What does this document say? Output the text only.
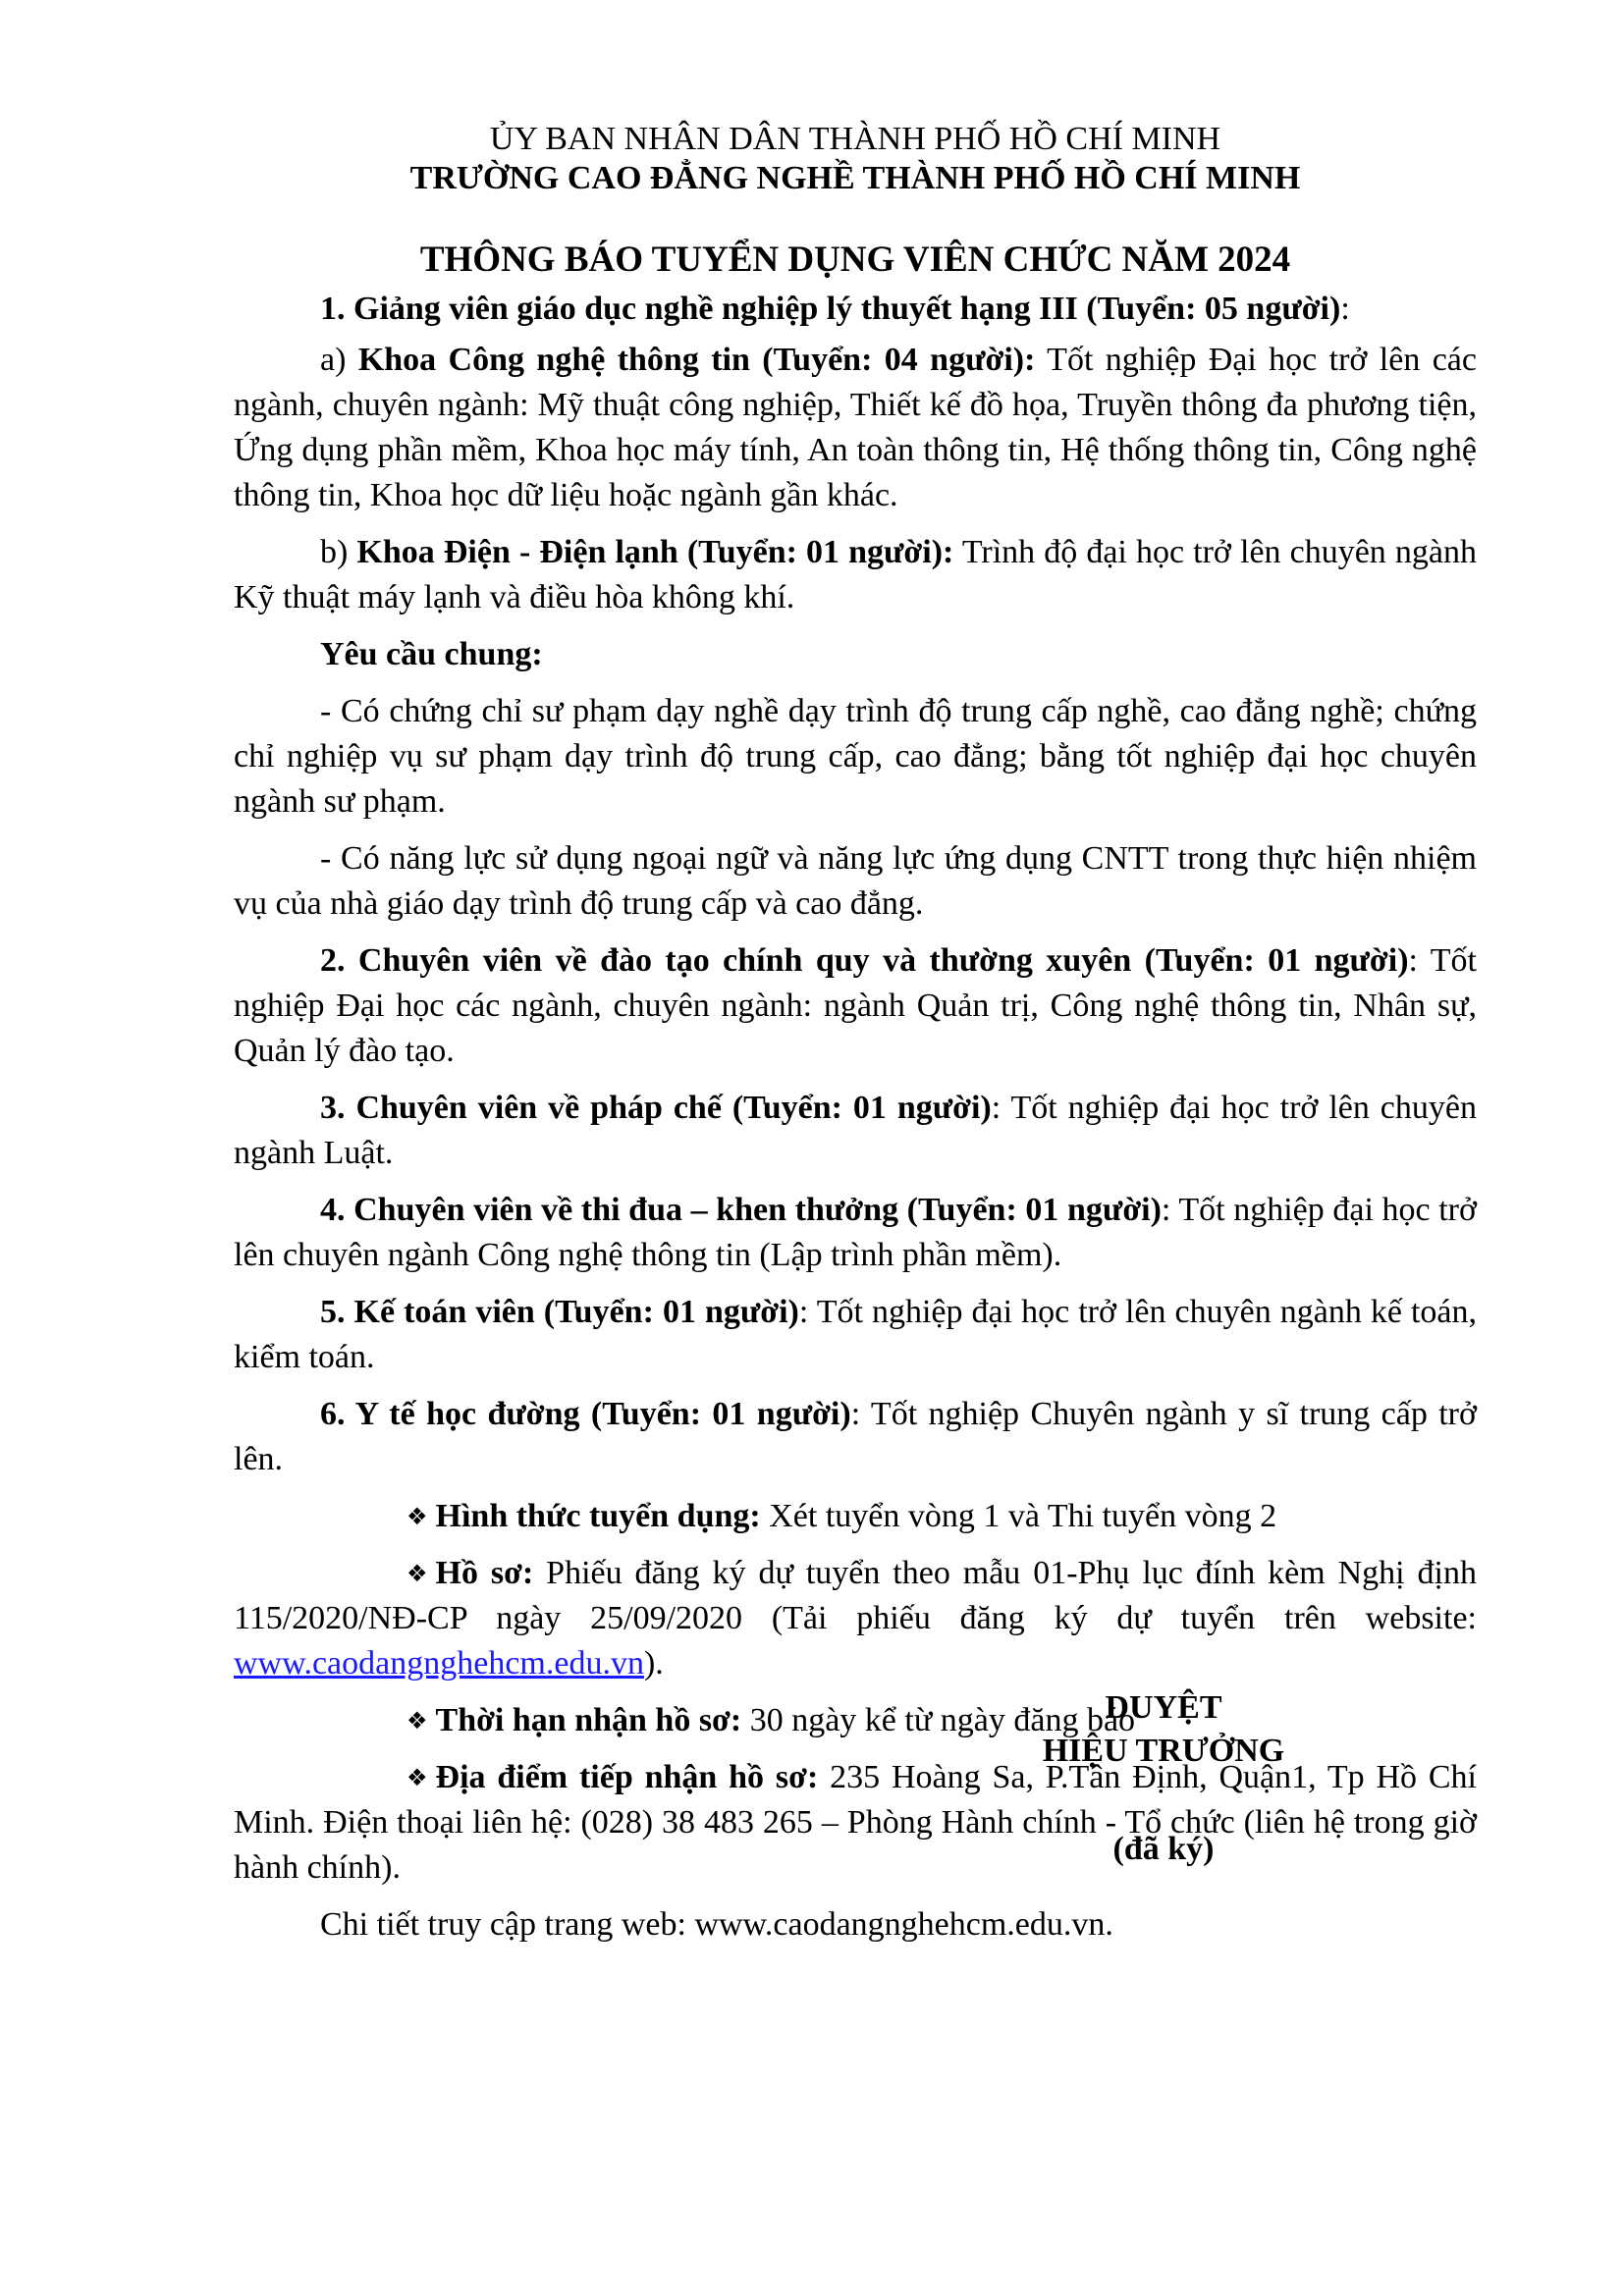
ỦY BAN NHÂN DÂN THÀNH PHỐ HỒ CHÍ MINH

TRƯỜNG CAO ĐẲNG NGHỀ THÀNH PHỐ HỒ CHÍ MINH

THÔNG BÁO TUYỂN DỤNG VIÊN CHỨC NĂM 2024

1. Giảng viên giáo dục nghề nghiệp lý thuyết hạng III (Tuyển: 05 người):

a) Khoa Công nghệ thông tin (Tuyển: 04 người): Tốt nghiệp Đại học trở lên các ngành, chuyên ngành: Mỹ thuật công nghiệp, Thiết kế đồ họa, Truyền thông đa phương tiện, Ứng dụng phần mềm, Khoa học máy tính, An toàn thông tin, Hệ thống thông tin, Công nghệ thông tin, Khoa học dữ liệu hoặc ngành gần khác.

b) Khoa Điện - Điện lạnh (Tuyển: 01 người): Trình độ đại học trở lên chuyên ngành Kỹ thuật máy lạnh và điều hòa không khí.

Yêu cầu chung:

- Có chứng chỉ sư phạm dạy nghề dạy trình độ trung cấp nghề, cao đẳng nghề; chứng chỉ nghiệp vụ sư phạm dạy trình độ trung cấp, cao đẳng; bằng tốt nghiệp đại học chuyên ngành sư phạm.

- Có năng lực sử dụng ngoại ngữ và năng lực ứng dụng CNTT trong thực hiện nhiệm vụ của nhà giáo dạy trình độ trung cấp và cao đẳng.

2. Chuyên viên về đào tạo chính quy và thường xuyên (Tuyển: 01 người): Tốt nghiệp Đại học các ngành, chuyên ngành: ngành Quản trị, Công nghệ thông tin, Nhân sự, Quản lý đào tạo.

3. Chuyên viên về pháp chế (Tuyển: 01 người): Tốt nghiệp đại học trở lên chuyên ngành Luật.

4. Chuyên viên về thi đua – khen thưởng (Tuyển: 01 người): Tốt nghiệp đại học trở lên chuyên ngành Công nghệ thông tin (Lập trình phần mềm).

5. Kế toán viên (Tuyển: 01 người): Tốt nghiệp đại học trở lên chuyên ngành kế toán, kiểm toán.

6. Y tế học đường (Tuyển: 01 người): Tốt nghiệp Chuyên ngành y sĩ trung cấp trở lên.

❖ Hình thức tuyển dụng: Xét tuyển vòng 1 và Thi tuyển vòng 2

❖ Hồ sơ: Phiếu đăng ký dự tuyển theo mẫu 01-Phụ lục đính kèm Nghị định 115/2020/NĐ-CP ngày 25/09/2020 (Tải phiếu đăng ký dự tuyển trên website: www.caodangnghehcm.edu.vn).

❖ Thời hạn nhận hồ sơ: 30 ngày kể từ ngày đăng báo

❖ Địa điểm tiếp nhận hồ sơ: 235 Hoàng Sa, P.Tân Định, Quận1, Tp Hồ Chí Minh. Điện thoại liên hệ: (028) 38 483 265 – Phòng Hành chính - Tổ chức (liên hệ trong giờ hành chính).

Chi tiết truy cập trang web: www.caodangnghehcm.edu.vn.

DUYỆT
HIỆU TRƯỞNG
(đã ký)
